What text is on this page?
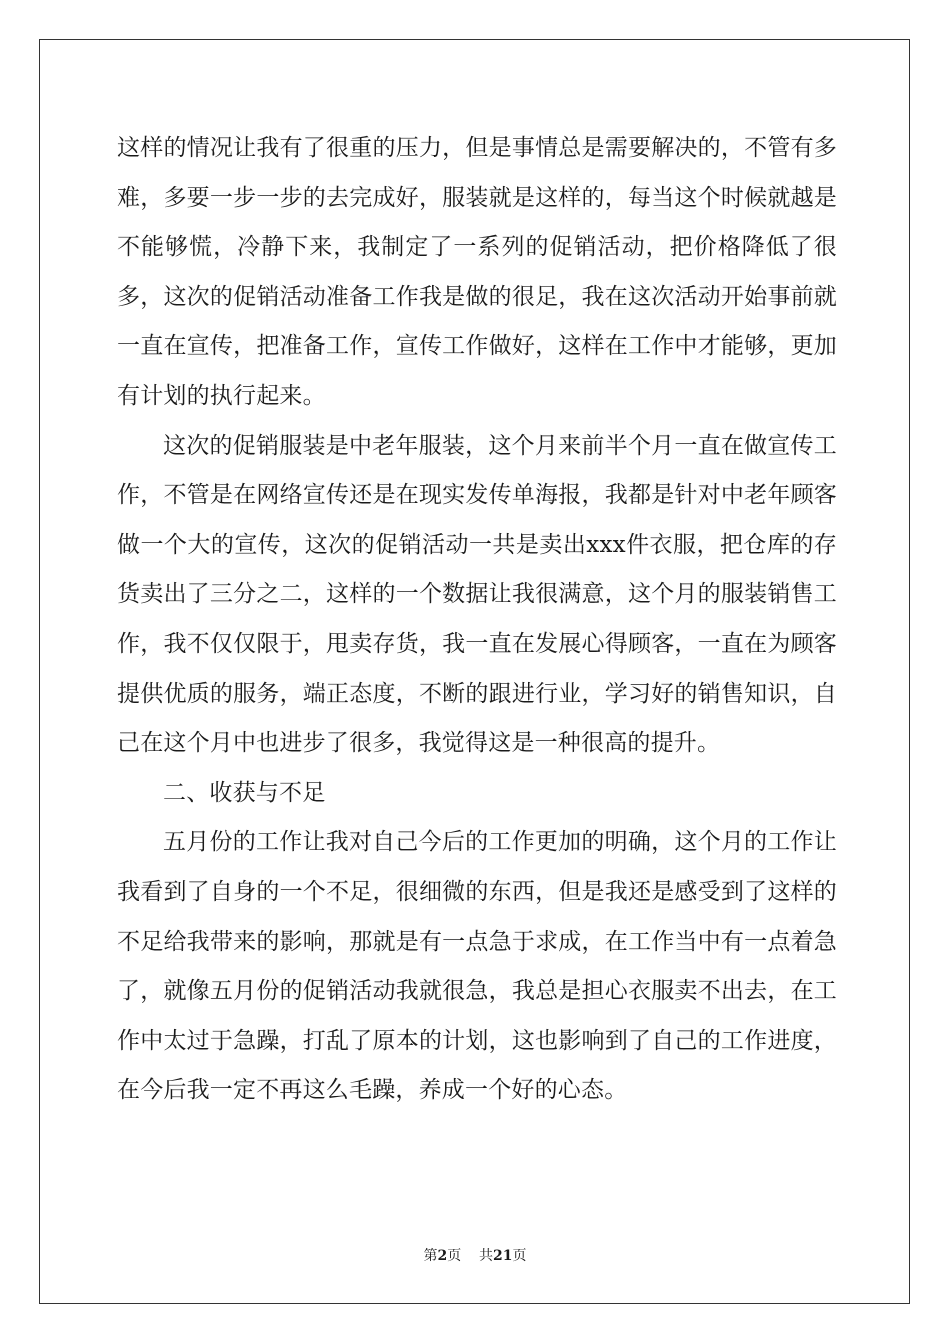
这样的情况让我有了很重的压力，但是事情总是需要解决的，不管有多难，多要一步一步的去完成好，服装就是这样的，每当这个时候就越是不能够慌，冷静下来，我制定了一系列的促销活动，把价格降低了很多，这次的促销活动准备工作我是做的很足，我在这次活动开始事前就一直在宣传，把准备工作，宣传工作做好，这样在工作中才能够，更加有计划的执行起来。

这次的促销服装是中老年服装，这个月来前半个月一直在做宣传工作，不管是在网络宣传还是在现实发传单海报，我都是针对中老年顾客做一个大的宣传，这次的促销活动一共是卖出xxx件衣服，把仓库的存货卖出了三分之二，这样的一个数据让我很满意，这个月的服装销售工作，我不仅仅限于，甩卖存货，我一直在发展心得顾客，一直在为顾客提供优质的服务，端正态度，不断的跟进行业，学习好的销售知识，自己在这个月中也进步了很多，我觉得这是一种很高的提升。

二、收获与不足

五月份的工作让我对自己今后的工作更加的明确，这个月的工作让我看到了自身的一个不足，很细微的东西，但是我还是感受到了这样的不足给我带来的影响，那就是有一点急于求成，在工作当中有一点着急了，就像五月份的促销活动我就很急，我总是担心衣服卖不出去，在工作中太过于急躁，打乱了原本的计划，这也影响到了自己的工作进度，在今后我一定不再这么毛躁，养成一个好的心态。

第2页 共21页
